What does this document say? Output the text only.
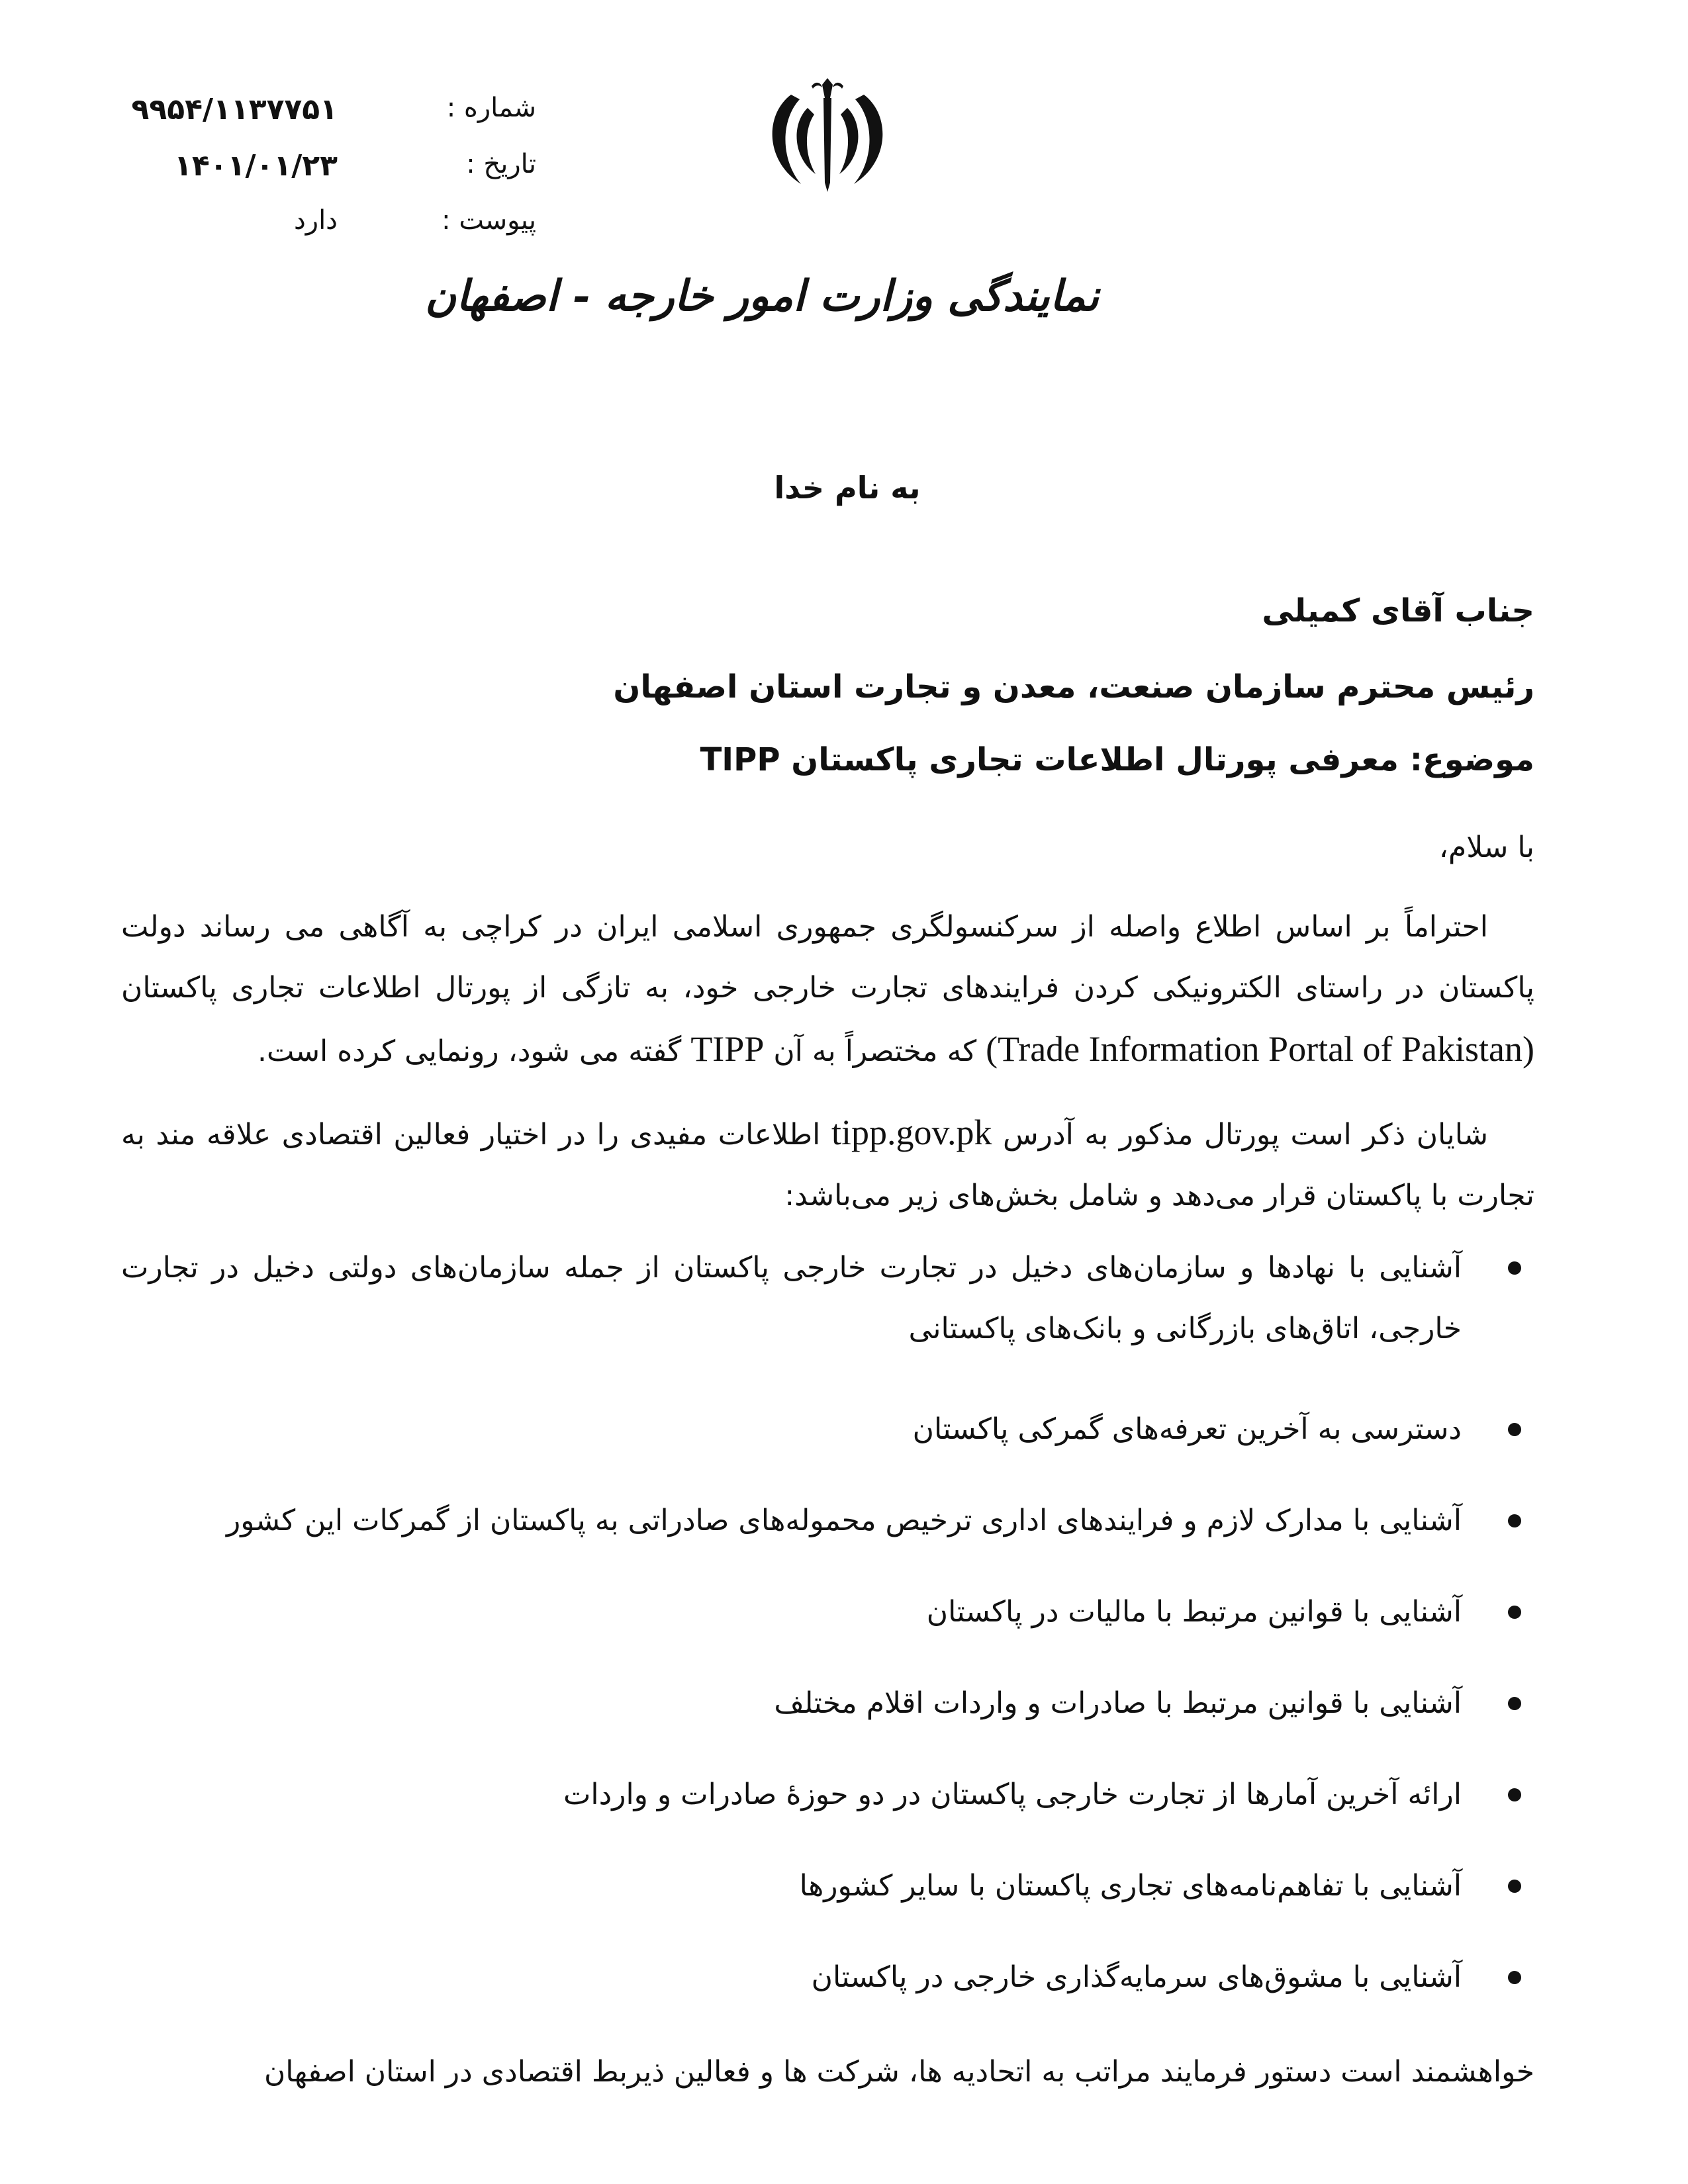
شماره :
۹۹۵۴/۱۱۳۷۷۵۱
تاریخ :
۱۴۰۱/۰۱/۲۳
پیوست :
دارد
نمایندگی وزارت امور خارجه - اصفهان
به نام خدا
جناب آقای کمیلی
رئیس محترم سازمان صنعت، معدن و تجارت استان اصفهان
موضوع: معرفی پورتال اطلاعات تجاری پاکستان TIPP
با سلام،
احتراماً بر اساس اطلاع واصله از سرکنسولگری جمهوری اسلامی ایران در کراچی به آگاهی می رساند دولت پاکستان در راستای الکترونیکی کردن فرایندهای تجارت خارجی خود، به تازگی از پورتال اطلاعات تجاری پاکستان (Trade Information Portal of Pakistan) که مختصراً به آن TIPP گفته می شود، رونمایی کرده است.
شایان ذکر است پورتال مذکور به آدرس tipp.gov.pk اطلاعات مفیدی را در اختیار فعالین اقتصادی علاقه مند به تجارت با پاکستان قرار می‌دهد و شامل بخش‌های زیر می‌باشد:
آشنایی با نهادها و سازمان‌های دخیل در تجارت خارجی پاکستان از جمله سازمان‌های دولتی دخیل در تجارت خارجی، اتاق‌های بازرگانی و بانک‌های پاکستانی
دسترسی به آخرین تعرفه‌های گمرکی پاکستان
آشنایی با مدارک لازم و فرایندهای اداری ترخیص محموله‌های صادراتی به پاکستان از گمرکات این کشور
آشنایی با قوانین مرتبط با مالیات در پاکستان
آشنایی با قوانین مرتبط با صادرات و واردات اقلام مختلف
ارائه آخرین آمارها از تجارت خارجی پاکستان در دو حوزۀ صادرات و واردات
آشنایی با تفاهم‌نامه‌های تجاری پاکستان با سایر کشورها
آشنایی با مشوق‌های سرمایه‌گذاری خارجی در پاکستان
خواهشمند است دستور فرمایند مراتب به اتحادیه ها، شرکت ها و فعالین ذیربط اقتصادی در استان اصفهان
